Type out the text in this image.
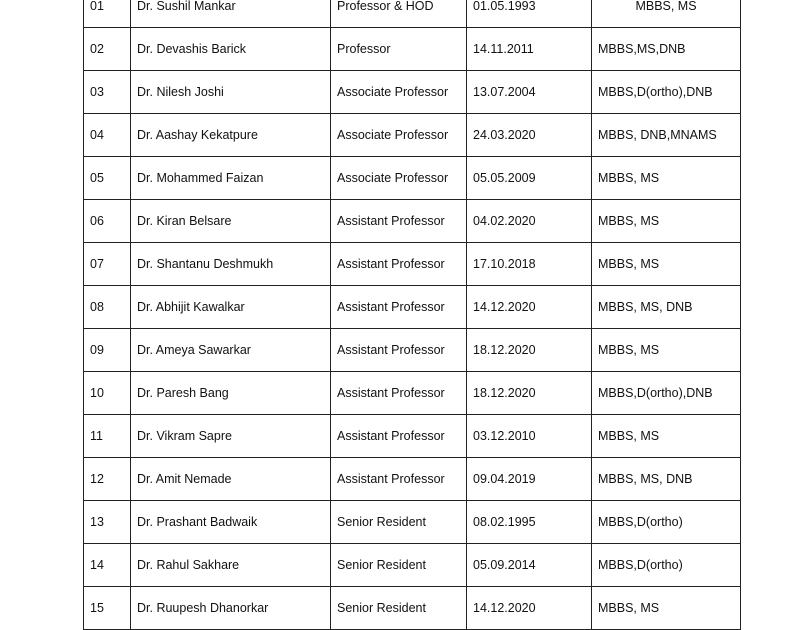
01	Dr. Sushil Mankar	Professor & HOD	01.05.1993	MBBS, MS
02	Dr. Devashis Barick	Professor	14.11.2011	MBBS,MS,DNB
03	Dr. Nilesh Joshi	Associate Professor	13.07.2004	MBBS,D(ortho),DNB
04	Dr. Aashay Kekatpure	Associate Professor	24.03.2020	MBBS, DNB,MNAMS
05	Dr. Mohammed Faizan	Associate Professor	05.05.2009	MBBS, MS
06	Dr. Kiran Belsare	Assistant Professor	04.02.2020	MBBS, MS
07	Dr. Shantanu Deshmukh	Assistant Professor	17.10.2018	MBBS, MS
08	Dr. Abhijit Kawalkar	Assistant Professor	14.12.2020	MBBS, MS, DNB
09	Dr. Ameya Sawarkar	Assistant Professor	18.12.2020	MBBS, MS
10	Dr. Paresh Bang	Assistant Professor	18.12.2020	MBBS,D(ortho),DNB
11	Dr. Vikram Sapre	Assistant Professor	03.12.2010	MBBS, MS
12	Dr. Amit Nemade	Assistant Professor	09.04.2019	MBBS, MS, DNB
13	Dr. Prashant Badwaik	Senior Resident	08.02.1995	MBBS,D(ortho)
14	Dr. Rahul Sakhare	Senior Resident	05.09.2014	MBBS,D(ortho)
15	Dr. Ruupesh Dhanorkar	Senior Resident	14.12.2020	MBBS, MS
